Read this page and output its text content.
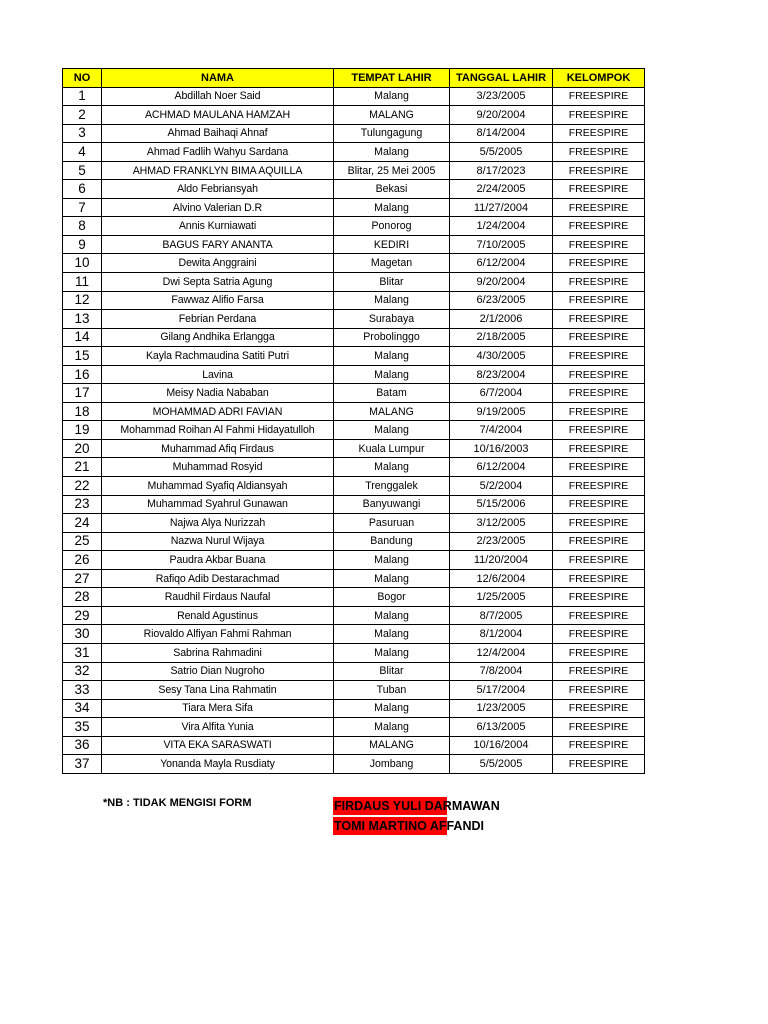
NO	NAMA	TEMPAT LAHIR	TANGGAL LAHIR	KELOMPOK
1	Abdillah Noer Said	Malang	3/23/2005	FREESPIRE
2	ACHMAD MAULANA HAMZAH	MALANG	9/20/2004	FREESPIRE
3	Ahmad Baihaqi Ahnaf	Tulungagung	8/14/2004	FREESPIRE
4	Ahmad Fadlih Wahyu Sardana	Malang	5/5/2005	FREESPIRE
5	AHMAD FRANKLYN BIMA AQUILLA	Blitar, 25 Mei 2005	8/17/2023	FREESPIRE
6	Aldo Febriansyah	Bekasi	2/24/2005	FREESPIRE
7	Alvino Valerian D.R	Malang	11/27/2004	FREESPIRE
8	Annis Kurniawati	Ponorog	1/24/2004	FREESPIRE
9	BAGUS FARY ANANTA	KEDIRI	7/10/2005	FREESPIRE
10	Dewita Anggraini	Magetan	6/12/2004	FREESPIRE
11	Dwi Septa Satria Agung	Blitar	9/20/2004	FREESPIRE
12	Fawwaz Alifio Farsa	Malang	6/23/2005	FREESPIRE
13	Febrian Perdana	Surabaya	2/1/2006	FREESPIRE
14	Gilang Andhika Erlangga	Probolinggo	2/18/2005	FREESPIRE
15	Kayla Rachmaudina Satiti Putri	Malang	4/30/2005	FREESPIRE
16	Lavina	Malang	8/23/2004	FREESPIRE
17	Meisy Nadia Nababan	Batam	6/7/2004	FREESPIRE
18	MOHAMMAD ADRI FAVIAN	MALANG	9/19/2005	FREESPIRE
19	Mohammad Roihan Al Fahmi Hidayatulloh	Malang	7/4/2004	FREESPIRE
20	Muhammad Afiq Firdaus	Kuala Lumpur	10/16/2003	FREESPIRE
21	Muhammad Rosyid	Malang	6/12/2004	FREESPIRE
22	Muhammad Syafiq Aldiansyah	Trenggalek	5/2/2004	FREESPIRE
23	Muhammad Syahrul Gunawan	Banyuwangi	5/15/2006	FREESPIRE
24	Najwa Alya Nurizzah	Pasuruan	3/12/2005	FREESPIRE
25	Nazwa Nurul Wijaya	Bandung	2/23/2005	FREESPIRE
26	Paudra Akbar Buana	Malang	11/20/2004	FREESPIRE
27	Rafiqo Adib Destarachmad	Malang	12/6/2004	FREESPIRE
28	Raudhil Firdaus Naufal	Bogor	1/25/2005	FREESPIRE
29	Renald Agustinus	Malang	8/7/2005	FREESPIRE
30	Riovaldo Alfiyan Fahmi Rahman	Malang	8/1/2004	FREESPIRE
31	Sabrina Rahmadini	Malang	12/4/2004	FREESPIRE
32	Satrio Dian Nugroho	Blitar	7/8/2004	FREESPIRE
33	Sesy Tana Lina Rahmatin	Tuban	5/17/2004	FREESPIRE
34	Tiara Mera Sifa	Malang	1/23/2005	FREESPIRE
35	Vira Alfita Yunia	Malang	6/13/2005	FREESPIRE
36	VITA EKA SARASWATI	MALANG	10/16/2004	FREESPIRE
37	Yonanda Mayla Rusdiaty	Jombang	5/5/2005	FREESPIRE
*NB : TIDAK MENGISI FORM	FIRDAUS YULI DARMAWAN
TOMI MARTINO AFFANDI
